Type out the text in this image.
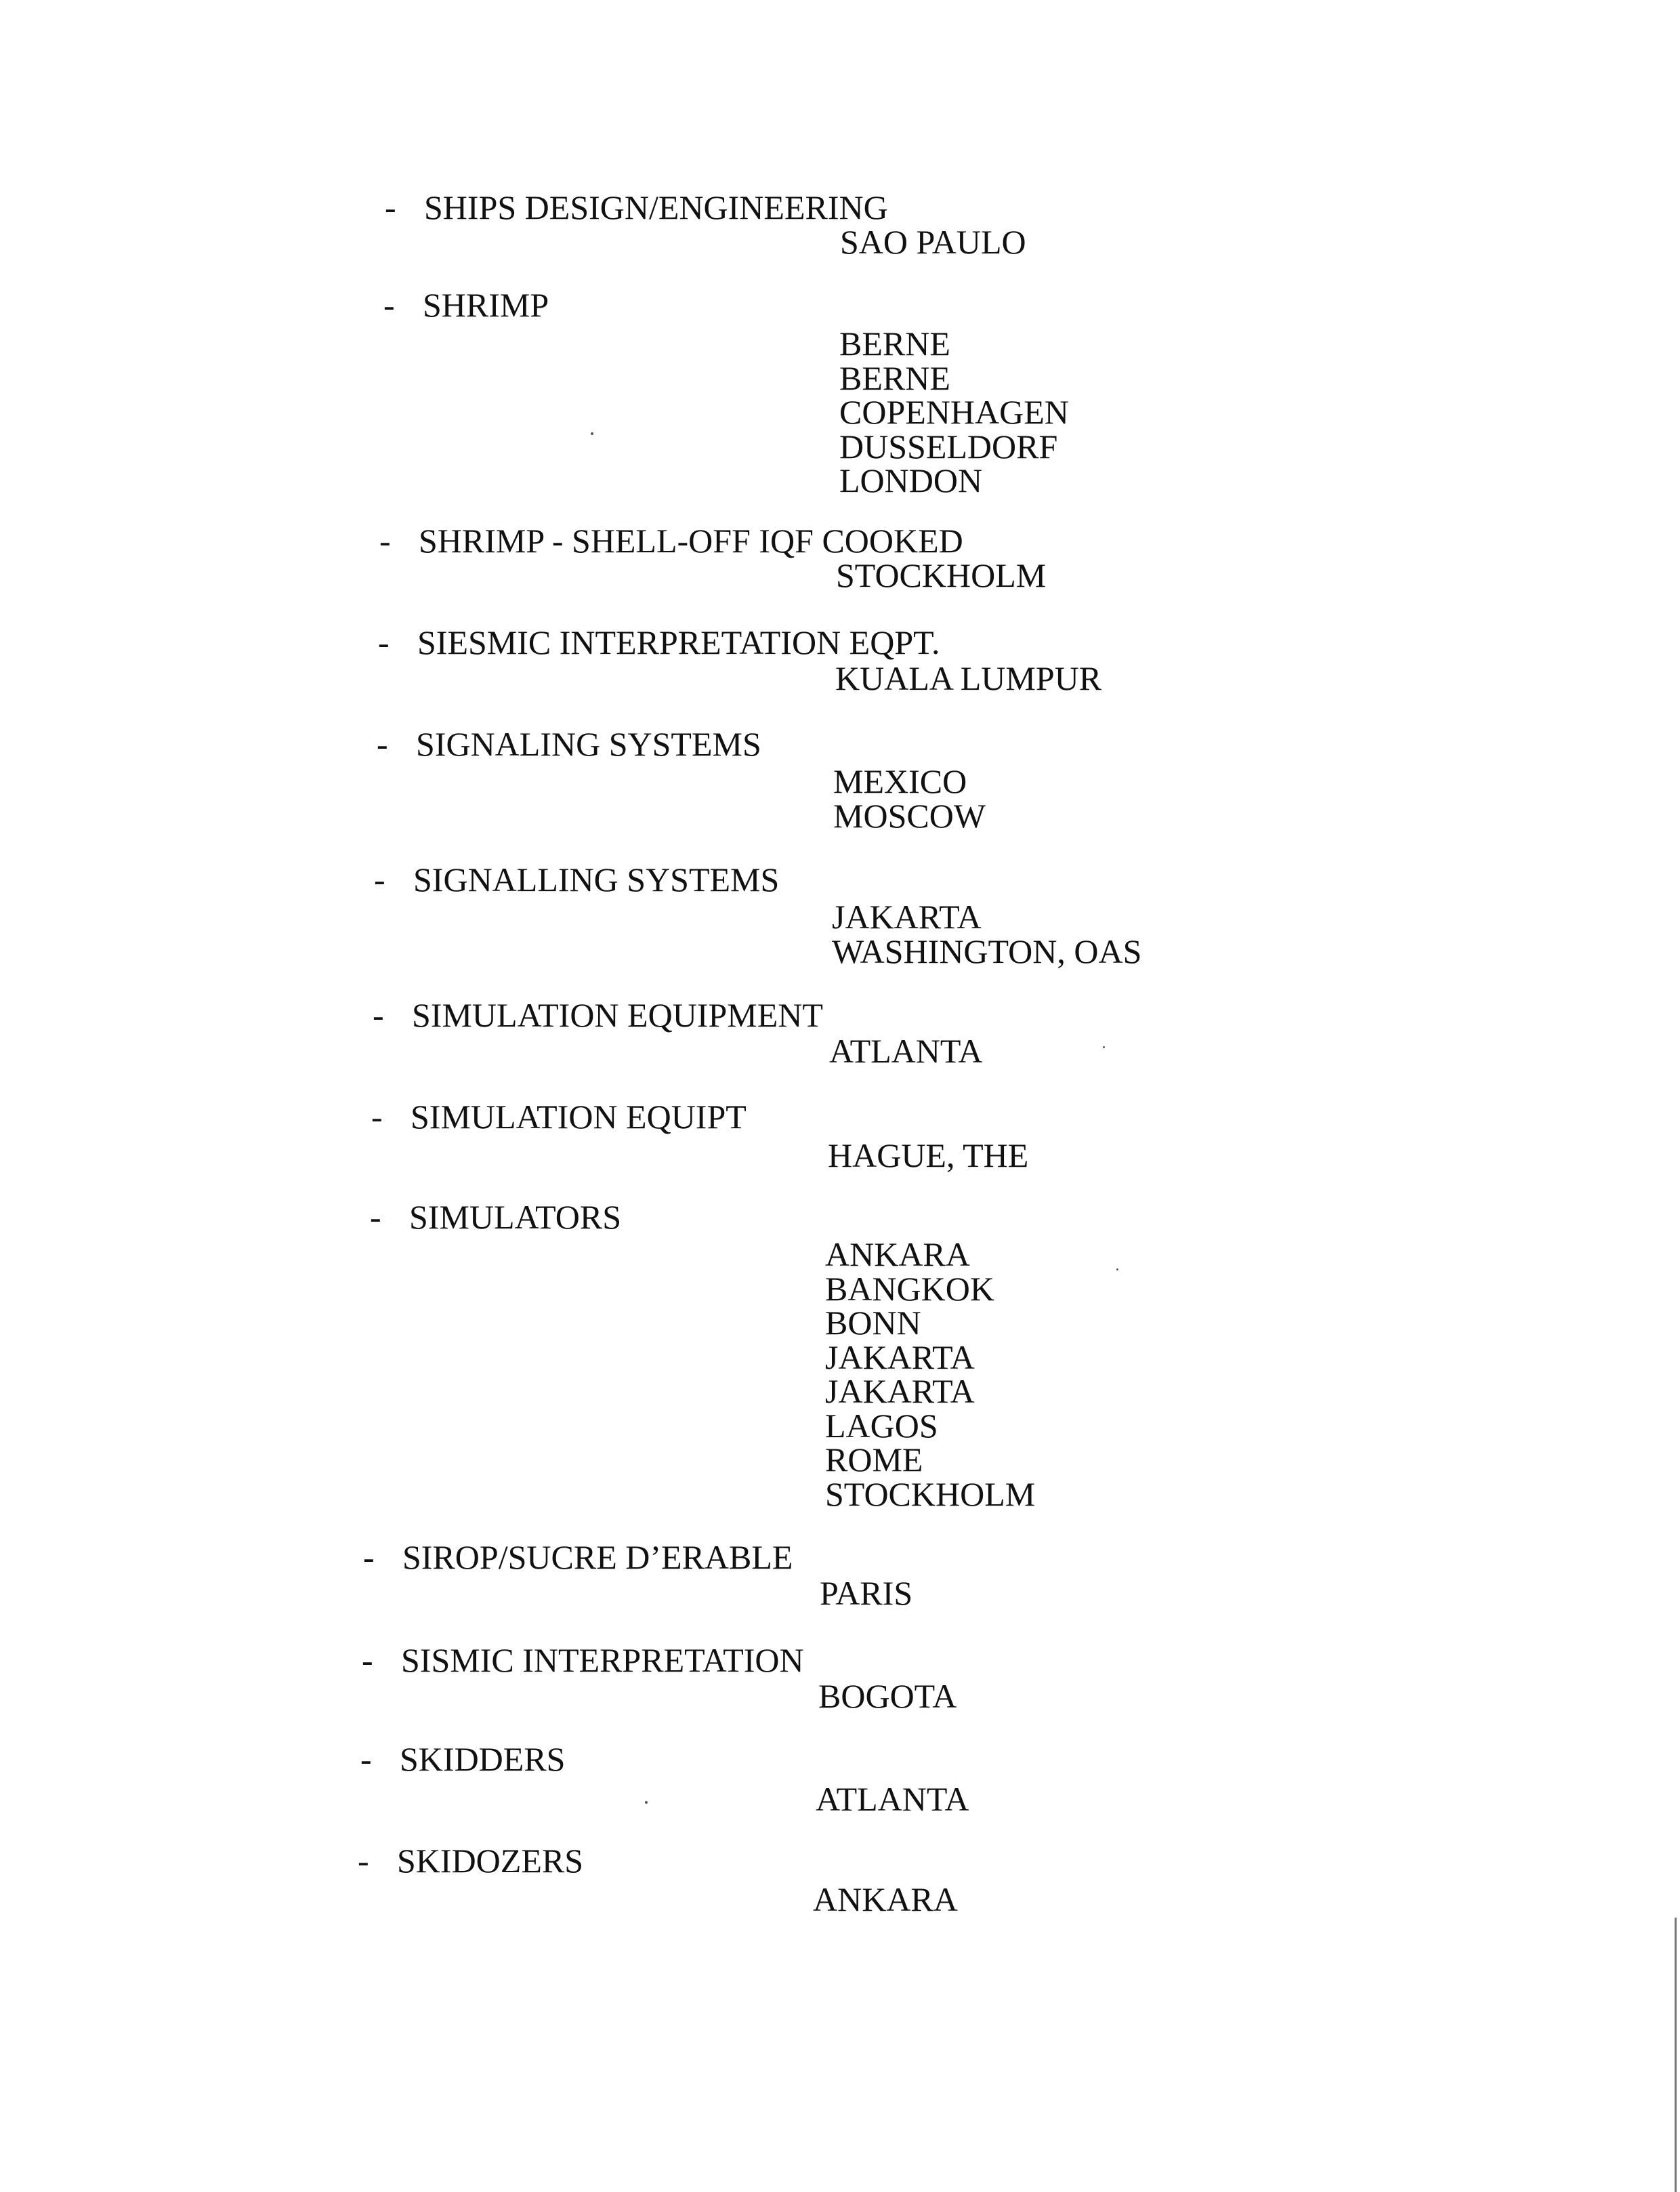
- SHIPS DESIGN/ENGINEERING
SAO PAULO
- SHRIMP
BERNE
BERNE
COPENHAGEN
DUSSELDORF
LONDON
- SHRIMP - SHELL-OFF IQF COOKED
STOCKHOLM
- SIESMIC INTERPRETATION EQPT.
KUALA LUMPUR
- SIGNALING SYSTEMS
MEXICO
MOSCOW
- SIGNALLING SYSTEMS
JAKARTA
WASHINGTON, OAS
- SIMULATION EQUIPMENT
ATLANTA
- SIMULATION EQUIPT
HAGUE, THE
- SIMULATORS
ANKARA
BANGKOK
BONN
JAKARTA
JAKARTA
LAGOS
ROME
STOCKHOLM
- SIROP/SUCRE D’ERABLE
PARIS
- SISMIC INTERPRETATION
BOGOTA
- SKIDDERS
ATLANTA
- SKIDOZERS
ANKARA
